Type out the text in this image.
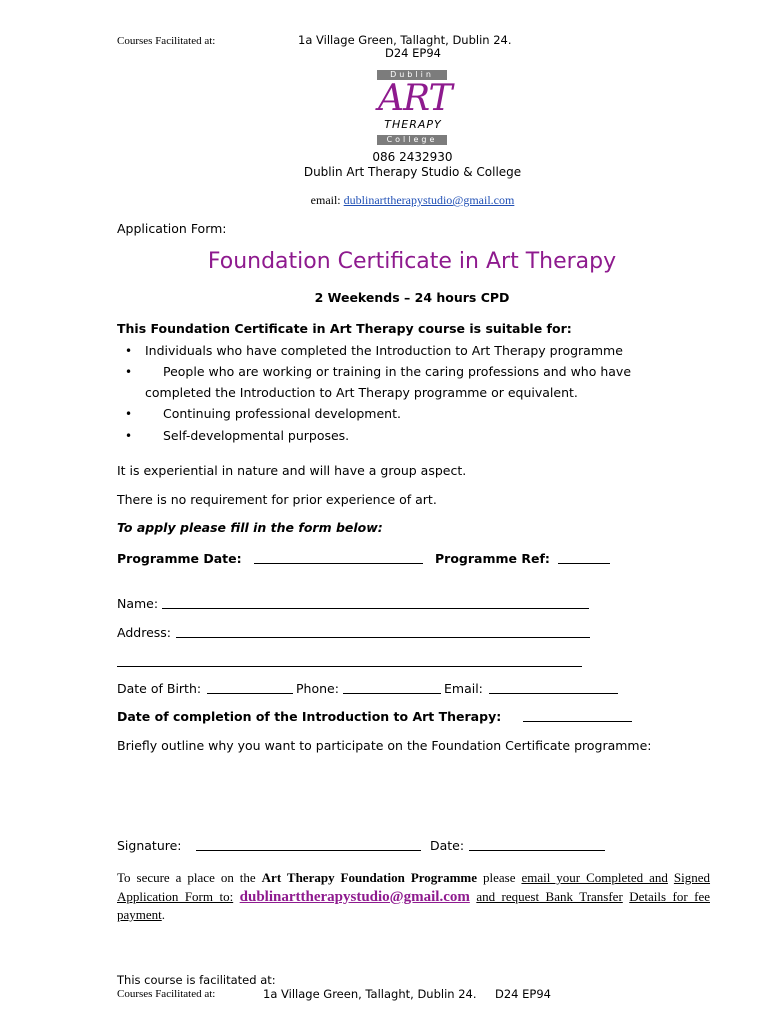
Courses Facilitated at:	1a Village Green, Tallaght, Dublin 24.
D24 EP94
Dublin
ART
THERAPY
College
086 2432930
Dublin Art Therapy Studio & College
email: dublinarttherapystudio@gmail.com
Application Form:
Foundation Certificate in Art Therapy
2 Weekends – 24 hours CPD
This Foundation Certificate in Art Therapy course is suitable for:
• Individuals who have completed the Introduction to Art Therapy programme
• People who are working or training in the caring professions and who have
completed the Introduction to Art Therapy programme or equivalent.
• Continuing professional development.
• Self-developmental purposes.
It is experiential in nature and will have a group aspect.
There is no requirement for prior experience of art.
To apply please fill in the form below:
Programme Date:	Programme Ref:
Name:
Address:
Date of Birth:	Phone:	Email:
Date of completion of the Introduction to Art Therapy:
Briefly outline why you want to participate on the Foundation Certificate programme:
Signature:	Date:
To secure a place on the Art Therapy Foundation Programme please email your Completed and Signed Application Form to: dublinarttherapystudio@gmail.com and request Bank Transfer Details for fee payment.
This course is facilitated at:
Courses Facilitated at:	1a Village Green, Tallaght, Dublin 24. D24 EP94
